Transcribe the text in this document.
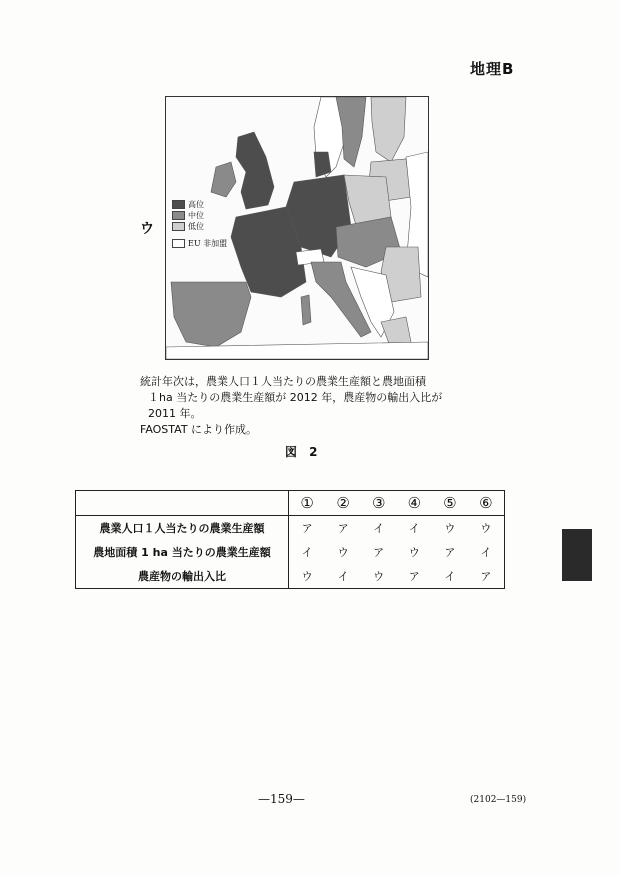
地理B
ウ
高位
中位
低位
EU 非加盟
統計年次は，農業人口１人当たりの農業生産額と農地面積
１ha 当たりの農業生産額が 2012 年，農産物の輸出入比が
2011 年。
FAOSTAT により作成。
図 2
	①	②	③	④	⑤	⑥
農業人口１人当たりの農業生産額	ア	ア	イ	イ	ウ	ウ
農地面積 1 ha 当たりの農業生産額	イ	ウ	ア	ウ	ア	イ
農産物の輸出入比	ウ	イ	ウ	ア	イ	ア
—159—	(2102—159)
